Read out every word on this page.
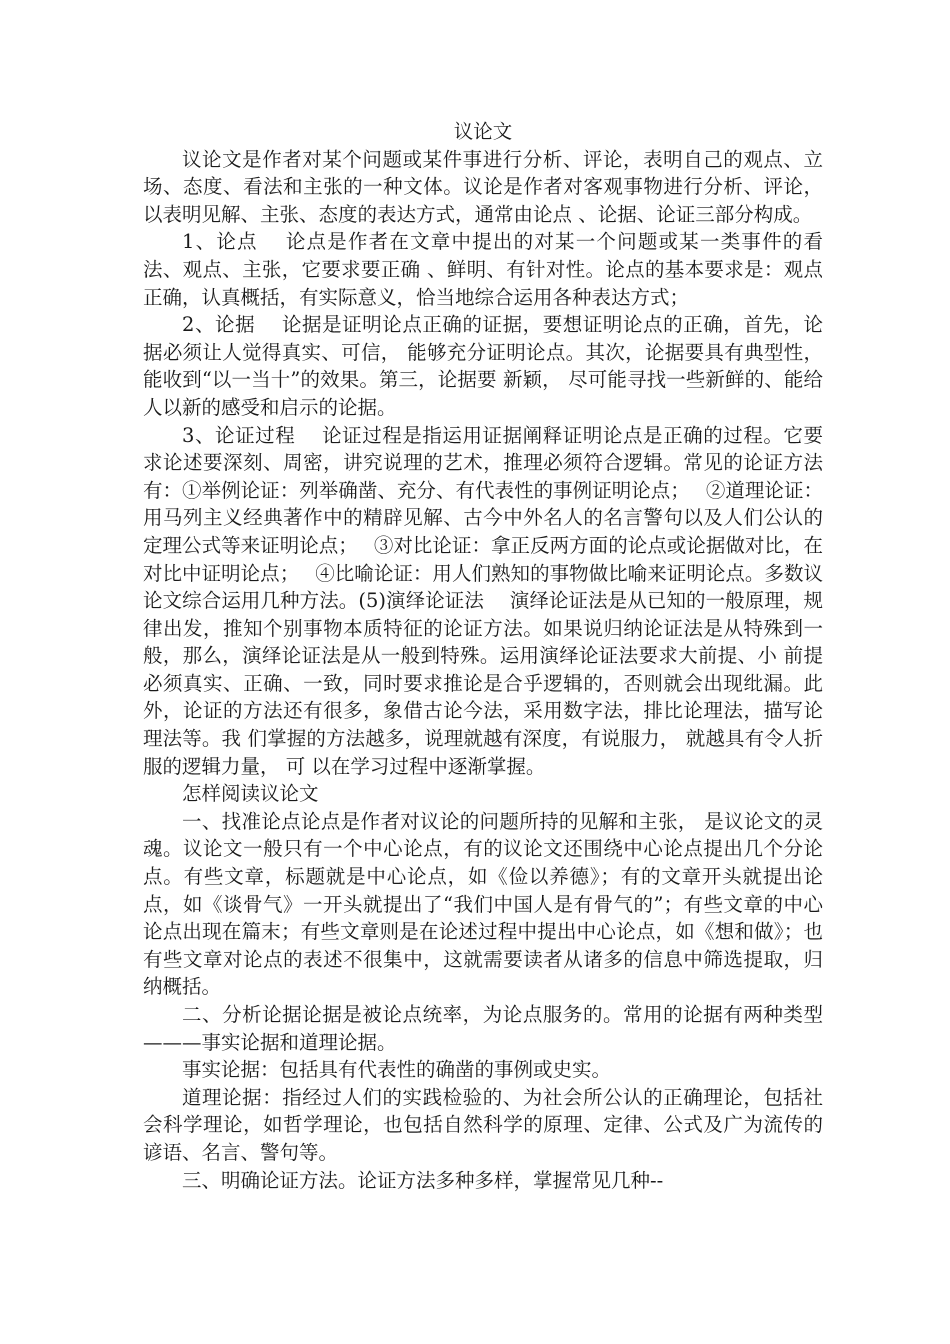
议论文

议论文是作者对某个问题或某件事进行分析、评论，表明自己的观点、立场、态度、看法和主张的一种文体。议论是作者对客观事物进行分析、评论，以表明见解、主张、态度的表达方式，通常由论点 、论据、论证三部分构成。

1、论点　 论点是作者在文章中提出的对某一个问题或某一类事件的看法、观点、主张，它要求要正确 、鲜明、有针对性。论点的基本要求是：观点正确，认真概括，有实际意义，恰当地综合运用各种表达方式；

2、论据　 论据是证明论点正确的证据，要想证明论点的正确，首先，论据必须让人觉得真实、可信， 能够充分证明论点。其次，论据要具有典型性，能收到“以一当十”的效果。第三，论据要 新颖， 尽可能寻找一些新鲜的、能给人以新的感受和启示的论据。

3、论证过程　 论证过程是指运用证据阐释证明论点是正确的过程。它要求论述要深刻、周密，讲究说理的艺术，推理必须符合逻辑。常见的论证方法有：①举例论证：列举确凿、充分、有代表性的事例证明论点；　 ②道理论证：用马列主义经典著作中的精辟见解、古今中外名人的名言警句以及人们公认的定理公式等来证明论点；　 ③对比论证：拿正反两方面的论点或论据做对比，在对比中证明论点；　 ④比喻论证：用人们熟知的事物做比喻来证明论点。多数议论文综合运用几种方法。(5)演绎论证法　 演绎论证法是从已知的一般原理，规律出发，推知个别事物本质特征的论证方法。如果说归纳论证法是从特殊到一般，那么，演绎论证法是从一般到特殊。运用演绎论证法要求大前提、小 前提必须真实、正确、一致，同时要求推论是合乎逻辑的，否则就会出现纰漏。此外，论证的方法还有很多，象借古论今法，采用数字法，排比论理法，描写论理法等。我 们掌握的方法越多，说理就越有深度，有说服力， 就越具有令人折服的逻辑力量， 可 以在学习过程中逐渐掌握。

怎样阅读议论文

一、找准论点论点是作者对议论的问题所持的见解和主张， 是议论文的灵魂。议论文一般只有一个中心论点，有的议论文还围绕中心论点提出几个分论点。有些文章，标题就是中心论点，如《俭以养德》；有的文章开头就提出论点，如《谈骨气》一开头就提出了“我们中国人是有骨气的”；有些文章的中心论点出现在篇末；有些文章则是在论述过程中提出中心论点，如《想和做》；也有些文章对论点的表述不很集中，这就需要读者从诸多的信息中筛选提取，归纳概括。

二、分析论据论据是被论点统率，为论点服务的。常用的论据有两种类型———事实论据和道理论据。

事实论据：包括具有代表性的确凿的事例或史实。

道理论据：指经过人们的实践检验的、为社会所公认的正确理论，包括社会科学理论，如哲学理论，也包括自然科学的原理、定律、公式及广为流传的谚语、名言、警句等。

三、明确论证方法。论证方法多种多样，掌握常见几种--
